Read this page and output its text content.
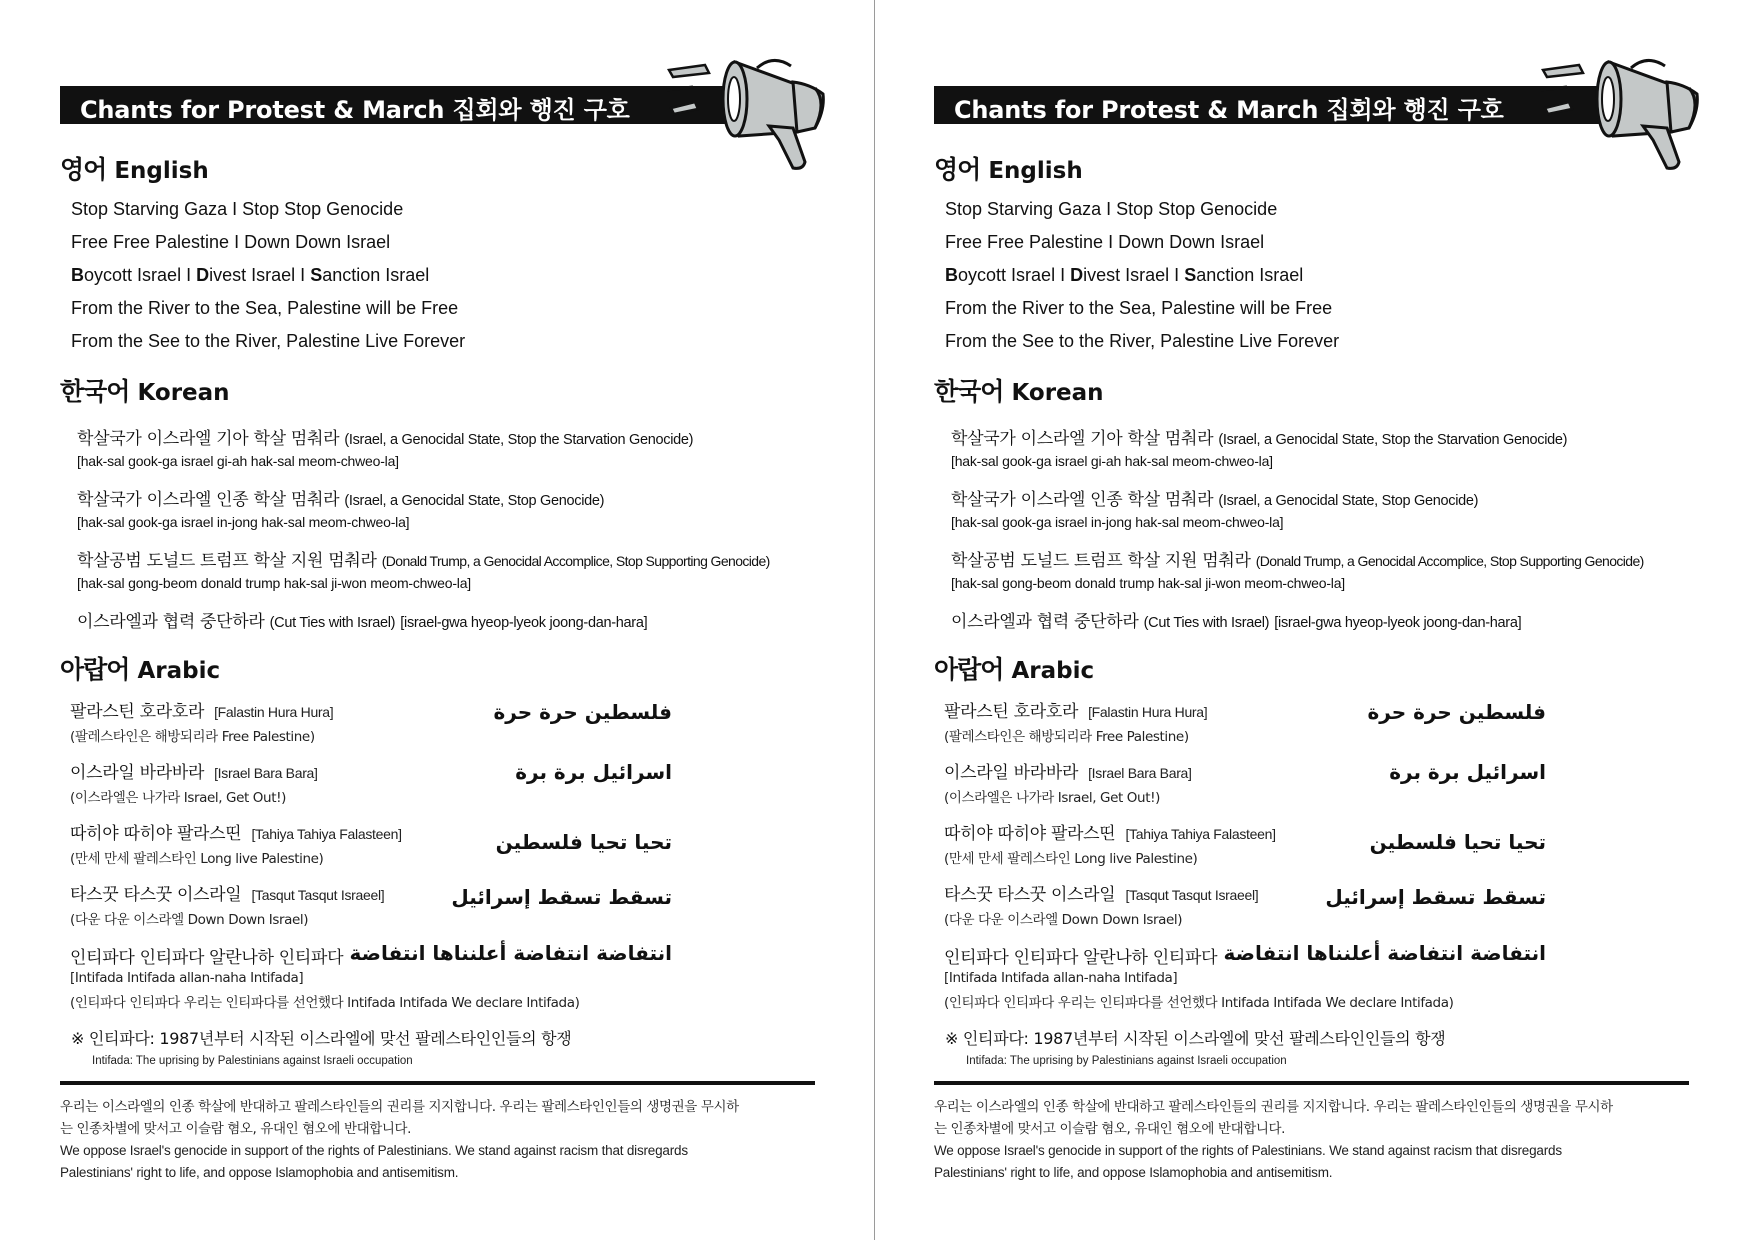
Chants for Protest & March 집회와 행진 구호
영어 English
Stop Starving Gaza I Stop Stop Genocide
Free Free Palestine I Down Down Israel
Boycott Israel I Divest Israel I Sanction Israel
From the River to the Sea, Palestine will be Free
From the See to the River, Palestine Live Forever
한국어 Korean
학살국가 이스라엘 기아 학살 멈춰라 (Israel, a Genocidal State, Stop the Starvation Genocide)
[hak-sal gook-ga israel gi-ah hak-sal meom-chweo-la]
학살국가 이스라엘 인종 학살 멈춰라 (Israel, a Genocidal State, Stop Genocide)
[hak-sal gook-ga israel in-jong hak-sal meom-chweo-la]
학살공범 도널드 트럼프 학살 지원 멈춰라 (Donald Trump, a Genocidal Accomplice, Stop Supporting Genocide)
[hak-sal gong-beom donald trump hak-sal ji-won meom-chweo-la]
이스라엘과 협력 중단하라 (Cut Ties with Israel) [israel-gwa hyeop-lyeok joong-dan-hara]
아랍어 Arabic
팔라스틴 호라호라 [Falastin Hura Hura]
(팔레스타인은 해방되리라 Free Palestine)
فلسطين حرة حرة
이스라일 바라바라 [Israel Bara Bara]
(이스라엘은 나가라 Israel, Get Out!)
اسرائيل برة برة
따히야 따히야 팔라스띤 [Tahiya Tahiya Falasteen]
(만세 만세 팔레스타인 Long live Palestine)
تحيا تحيا فلسطين
타스꿋 타스꿋 이스라일 [Tasqut Tasqut Israeel]
(다운 다운 이스라엘 Down Down Israel)
تسقط تسقط إسرائيل
인티파다 인티파다 알란나하 인티파다 انتفاضة انتفاضة أعلنناها انتفاضة
[Intifada Intifada allan-naha Intifada]
(인티파다 인티파다 우리는 인티파다를 선언했다 Intifada Intifada We declare Intifada)
※ 인티파다: 1987년부터 시작된 이스라엘에 맞선 팔레스타인인들의 항쟁
Intifada: The uprising by Palestinians against Israeli occupation
우리는 이스라엘의 인종 학살에 반대하고 팔레스타인들의 권리를 지지합니다. 우리는 팔레스타인인들의 생명권을 무시하
는 인종차별에 맞서고 이슬람 혐오, 유대인 혐오에 반대합니다.
We oppose Israel's genocide in support of the rights of Palestinians. We stand against racism that disregards
Palestinians' right to life, and oppose Islamophobia and antisemitism.
Chants for Protest & March 집회와 행진 구호
영어 English
Stop Starving Gaza I Stop Stop Genocide
Free Free Palestine I Down Down Israel
Boycott Israel I Divest Israel I Sanction Israel
From the River to the Sea, Palestine will be Free
From the See to the River, Palestine Live Forever
한국어 Korean
학살국가 이스라엘 기아 학살 멈춰라 (Israel, a Genocidal State, Stop the Starvation Genocide)
[hak-sal gook-ga israel gi-ah hak-sal meom-chweo-la]
학살국가 이스라엘 인종 학살 멈춰라 (Israel, a Genocidal State, Stop Genocide)
[hak-sal gook-ga israel in-jong hak-sal meom-chweo-la]
학살공범 도널드 트럼프 학살 지원 멈춰라 (Donald Trump, a Genocidal Accomplice, Stop Supporting Genocide)
[hak-sal gong-beom donald trump hak-sal ji-won meom-chweo-la]
이스라엘과 협력 중단하라 (Cut Ties with Israel) [israel-gwa hyeop-lyeok joong-dan-hara]
아랍어 Arabic
팔라스틴 호라호라 [Falastin Hura Hura]
(팔레스타인은 해방되리라 Free Palestine)
فلسطين حرة حرة
이스라일 바라바라 [Israel Bara Bara]
(이스라엘은 나가라 Israel, Get Out!)
اسرائيل برة برة
따히야 따히야 팔라스띤 [Tahiya Tahiya Falasteen]
(만세 만세 팔레스타인 Long live Palestine)
تحيا تحيا فلسطين
타스꿋 타스꿋 이스라일 [Tasqut Tasqut Israeel]
(다운 다운 이스라엘 Down Down Israel)
تسقط تسقط إسرائيل
인티파다 인티파다 알란나하 인티파다 انتفاضة انتفاضة أعلنناها انتفاضة
[Intifada Intifada allan-naha Intifada]
(인티파다 인티파다 우리는 인티파다를 선언했다 Intifada Intifada We declare Intifada)
※ 인티파다: 1987년부터 시작된 이스라엘에 맞선 팔레스타인인들의 항쟁
Intifada: The uprising by Palestinians against Israeli occupation
우리는 이스라엘의 인종 학살에 반대하고 팔레스타인들의 권리를 지지합니다. 우리는 팔레스타인인들의 생명권을 무시하
는 인종차별에 맞서고 이슬람 혐오, 유대인 혐오에 반대합니다.
We oppose Israel's genocide in support of the rights of Palestinians. We stand against racism that disregards
Palestinians' right to life, and oppose Islamophobia and antisemitism.
